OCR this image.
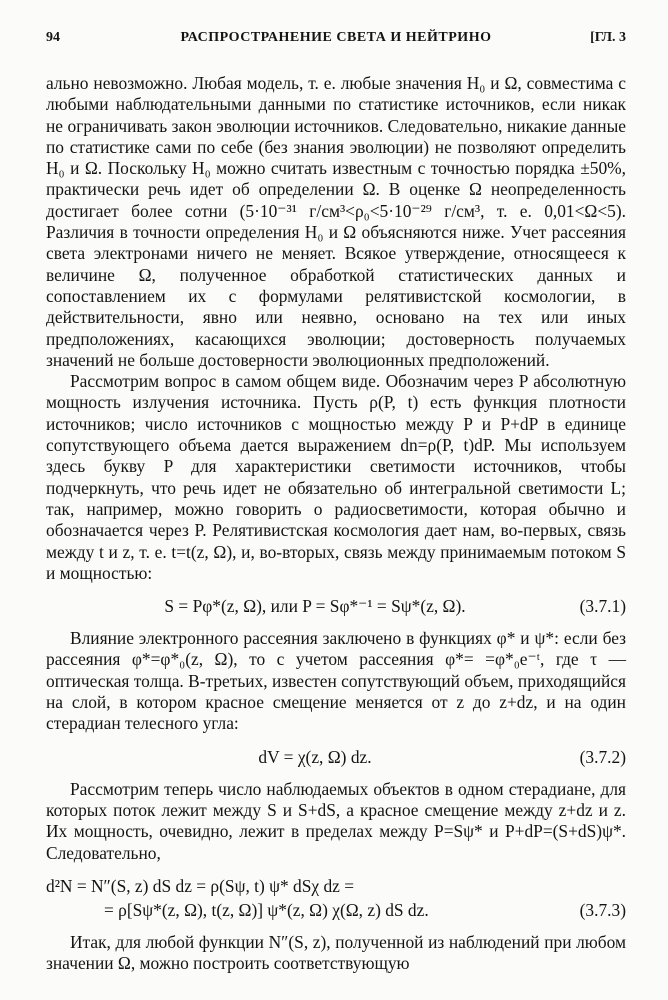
94	РАСПРОСТРАНЕНИЕ СВЕТА И НЕЙТРИНО	[ГЛ. 3

ально невозможно. Любая модель, т. е. любые значения H₀ и Ω, совместима с любыми наблюдательными данными по статистике источников, если никак не ограничивать закон эволюции источников. Следовательно, никакие данные по статистике сами по себе (без знания эволюции) не позволяют определить H₀ и Ω. Поскольку H₀ можно считать известным с точностью порядка ±50%, практически речь идет об определении Ω. В оценке Ω неопределенность достигает более сотни (5·10⁻³¹ г/см³<ρ₀<5·10⁻²⁹ г/см³, т. е. 0,01<Ω<5). Различия в точности определения H₀ и Ω объясняются ниже. Учет рассеяния света электронами ничего не меняет. Всякое утверждение, относящееся к величине Ω, полученное обработкой статистических данных и сопоставлением их с формулами релятивистской космологии, в действительности, явно или неявно, основано на тех или иных предположениях, касающихся эволюции; достоверность получаемых значений не больше достоверности эволюционных предположений.

Рассмотрим вопрос в самом общем виде. Обозначим через P абсолютную мощность излучения источника. Пусть ρ(P, t) есть функция плотности источников; число источников с мощностью между P и P+dP в единице сопутствующего объема дается выражением dn=ρ(P, t)dP. Мы используем здесь букву P для характеристики светимости источников, чтобы подчеркнуть, что речь идет не обязательно об интегральной светимости L; так, например, можно говорить о радиосветимости, которая обычно и обозначается через P. Релятивистская космология дает нам, во-первых, связь между t и z, т. е. t=t(z, Ω), и, во-вторых, связь между принимаемым потоком S и мощностью:

S = Pφ*(z, Ω), или P = Sφ*⁻¹ = Sψ*(z, Ω).	(3.7.1)

Влияние электронного рассеяния заключено в функциях φ* и ψ*: если без рассеяния φ*=φ*₀(z, Ω), то с учетом рассеяния φ*= =φ*₀e⁻ᵗ, где τ — оптическая толща. В-третьих, известен сопутствующий объем, приходящийся на слой, в котором красное смещение меняется от z до z+dz, и на один стерадиан телесного угла:

dV = χ(z, Ω) dz.	(3.7.2)

Рассмотрим теперь число наблюдаемых объектов в одном стерадиане, для которых поток лежит между S и S+dS, а красное смещение между z+dz и z. Их мощность, очевидно, лежит в пределах между P=Sψ* и P+dP=(S+dS)ψ*. Следовательно,

d²N = N″(S, z) dS dz = ρ(Sψ, t) ψ* dSχ dz =
= ρ[Sψ*(z, Ω), t(z, Ω)] ψ*(z, Ω) χ(Ω, z) dS dz.	(3.7.3)

Итак, для любой функции N″(S, z), полученной из наблюдений при любом значении Ω, можно построить соответствующую
